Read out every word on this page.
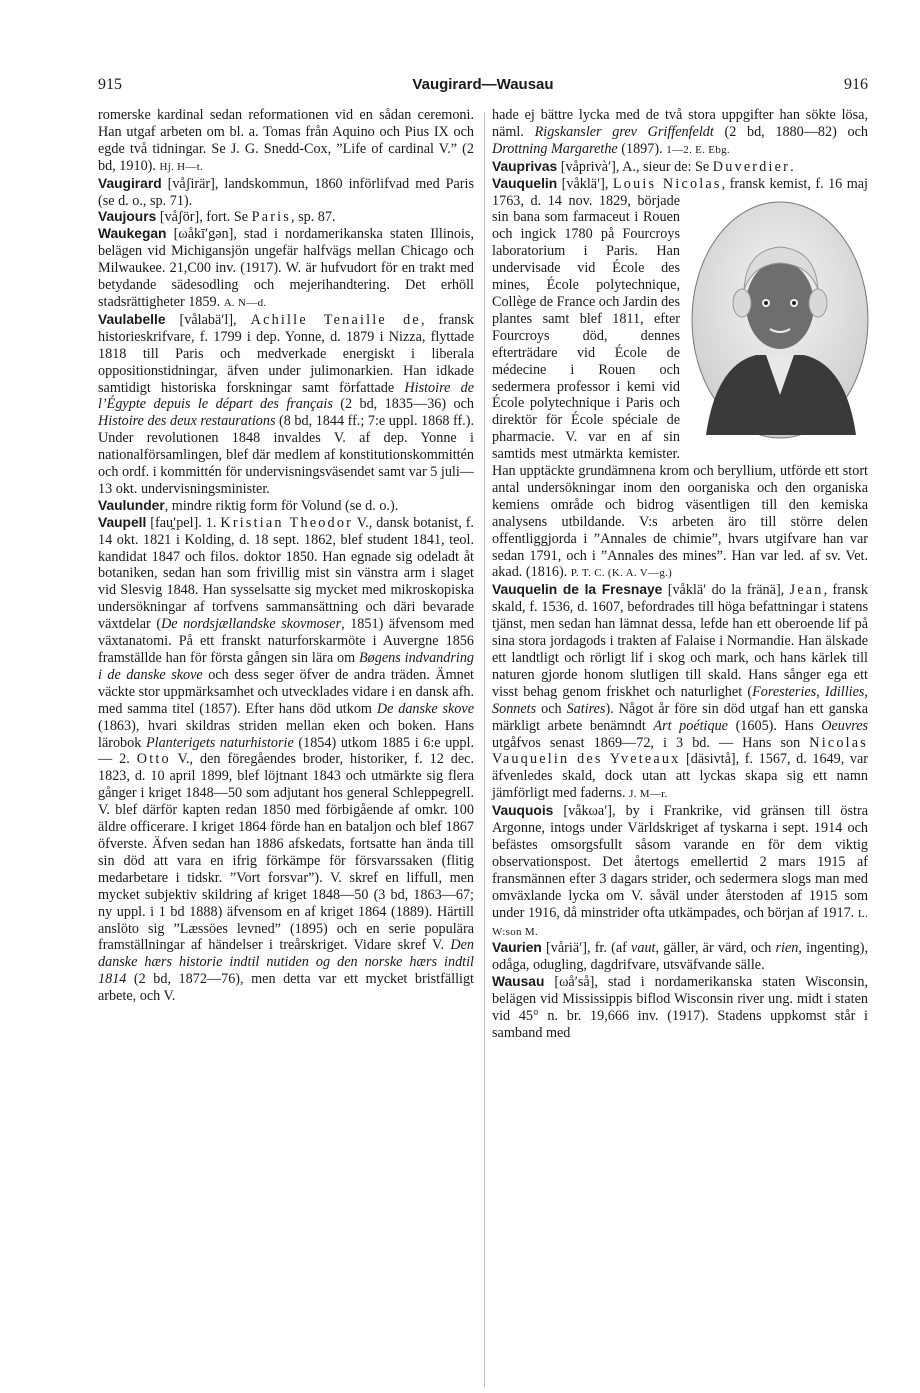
915	Vaugirard—Wausau	916

romerske kardinal sedan reformationen vid en sådan ceremoni. Han utgaf arbeten om bl. a. Tomas från Aquino och Pius IX och egde två tidningar. Se J. G. Snedd-Cox, ”Life of cardinal V.” (2 bd, 1910). Hj. H—t.

Vaugirard [våʃirär], landskommun, 1860 införlifvad med Paris (se d. o., sp. 71).

Vaujours [våʃör], fort. Se Paris, sp. 87.

Waukegan [ωåkī′gən], stad i nordamerikanska staten Illinois, belägen vid Michigansjön ungefär halfvägs mellan Chicago och Milwaukee. 21,C00 inv. (1917). W. är hufvudort för en trakt med betydande sädesodling och mejerihandtering. Det erhöll stadsrättigheter 1859. A. N—d.

Vaulabelle [vålabä′l], Achille Tenaille de, fransk historieskrifvare, f. 1799 i dep. Yonne, d. 1879 i Nizza, flyttade 1818 till Paris och medverkade energiskt i liberala oppositionstidningar, äfven under julimonarkien. Han idkade samtidigt historiska forskningar samt författade Histoire de l’Égypte depuis le départ des français (2 bd, 1835—36) och Histoire des deux restaurations (8 bd, 1844 ff.; 7:e uppl. 1868 ff.). Under revolutionen 1848 invaldes V. af dep. Yonne i nationalförsamlingen, blef där medlem af konstitutionskommittén och ordf. i kommittén för undervisningsväsendet samt var 5 juli—13 okt. undervisningsminister.

Vaulunder, mindre riktig form för Volund (se d. o.).

Vaupell [fau̯′pel]. 1. Kristian Theodor V., dansk botanist, f. 14 okt. 1821 i Kolding, d. 18 sept. 1862, blef student 1841, teol. kandidat 1847 och filos. doktor 1850. Han egnade sig odeladt åt botaniken, sedan han som frivillig mist sin vänstra arm i slaget vid Slesvig 1848. Han sysselsatte sig mycket med mikroskopiska undersökningar af torfvens sammansättning och däri bevarade växtdelar (De nordsjællandske skovmoser, 1851) äfvensom med växtanatomi. På ett franskt naturforskarmöte i Auvergne 1856 framställde han för första gången sin lära om Bøgens indvandring i de danske skove och dess seger öfver de andra träden. Ämnet väckte stor uppmärksamhet och utvecklades vidare i en dansk afh. med samma titel (1857). Efter hans död utkom De danske skove (1863), hvari skildras striden mellan eken och boken. Hans lärobok Planterigets naturhistorie (1854) utkom 1885 i 6:e uppl. — 2. Otto V., den föregåendes broder, historiker, f. 12 dec. 1823, d. 10 april 1899, blef löjtnant 1843 och utmärkte sig flera gånger i kriget 1848—50 som adjutant hos general Schleppegrell. V. blef därför kapten redan 1850 med förbigående af omkr. 100 äldre officerare. I kriget 1864 förde han en bataljon och blef 1867 öfverste. Äfven sedan han 1886 afskedats, fortsatte han ända till sin död att vara en ifrig förkämpe för försvarssaken (flitig medarbetare i tidskr. ”Vort forsvar”). V. skref en liffull, men mycket subjektiv skildring af kriget 1848—50 (3 bd, 1863—67; ny uppl. i 1 bd 1888) äfvensom en af kriget 1864 (1889). Härtill anslöto sig ”Læssöes levned” (1895) och en serie populära framställningar af händelser i treårskriget. Vidare skref V. Den danske hærs historie indtil nutiden og den norske hærs indtil 1814 (2 bd, 1872—76), men detta var ett mycket bristfälligt arbete, och V.

hade ej bättre lycka med de två stora uppgifter han sökte lösa, näml. Rigskansler grev Griffenfeldt (2 bd, 1880—82) och Drottning Margarethe (1897). 1—2. E. Ebg.

Vauprivas [våprivà′], A., sieur de: Se Duverdier.

Vauquelin [våklä′], Louis Nicolas
, fransk kemist, f. 16 maj 1763, d. 14 nov. 1829, började sin bana som farmaceut i Rouen och ingick 1780 på Fourcroys laboratorium i Paris. Han undervisade vid École des mines, École polytechnique, Collège de France och Jardin des plantes samt blef 1811, efter Fourcroys död, dennes efterträdare vid École de médecine i Rouen och sedermera professor i kemi vid École polytechnique i Paris och direktör för École spéciale de pharmacie. V. var en af sin samtids mest utmärkta kemister. Han upptäckte grundämnena krom och beryllium, utförde ett stort antal undersökningar inom den oorganiska och den organiska kemiens område och bidrog väsentligen till den kemiska analysens utbildande. V:s arbeten äro till större delen offentliggjorda i ”Annales de chimie”, hvars utgifvare han var sedan 1791, och i ”Annales des mines”. Han var led. af sv. Vet. akad. (1816). P. T. C. (K. A. V—g.)

Vauquelin de la Fresnaye [våklä′ do la fränä], Jean, fransk skald, f. 1536, d. 1607, befordrades till höga befattningar i statens tjänst, men sedan han lämnat dessa, lefde han ett oberoende lif på sina stora jordagods i trakten af Falaise i Normandie. Han älskade ett landtligt och rörligt lif i skog och mark, och hans kärlek till naturen gjorde honom slutligen till skald. Hans sånger ega ett visst behag genom friskhet och naturlighet (Foresteries, Idillies, Sonnets och Satires). Något år före sin död utgaf han ett ganska märkligt arbete benämndt Art poétique (1605). Hans Oeuvres utgåfvos senast 1869—72, i 3 bd. — Hans son Nicolas Vauquelin des Yveteaux [däsivtå], f. 1567, d. 1649, var äfvenledes skald, dock utan att lyckas skapa sig ett namn jämförligt med faderns. J. M—r.

Vauquois [våkωa′], by i Frankrike, vid gränsen till östra Argonne, intogs under Världskriget af tyskarna i sept. 1914 och befästes omsorgsfullt såsom varande en för dem viktig observationspost. Det återtogs emellertid 2 mars 1915 af fransmännen efter 3 dagars strider, och sedermera slogs man med omväxlande lycka om V. såväl under återstoden af 1915 som under 1916, då minstrider ofta utkämpades, och början af 1917. L. W:son M.

Vaurien [våriä′], fr. (af vaut, gäller, är värd, och rien, ingenting), odåga, odugling, dagdrifvare, utsväfvande sälle.

Wausau [ωå′så], stad i nordamerikanska staten Wisconsin, belägen vid Mississippis biflod Wisconsin river ung. midt i staten vid 45° n. br. 19,666 inv. (1917). Stadens uppkomst står i samband med
